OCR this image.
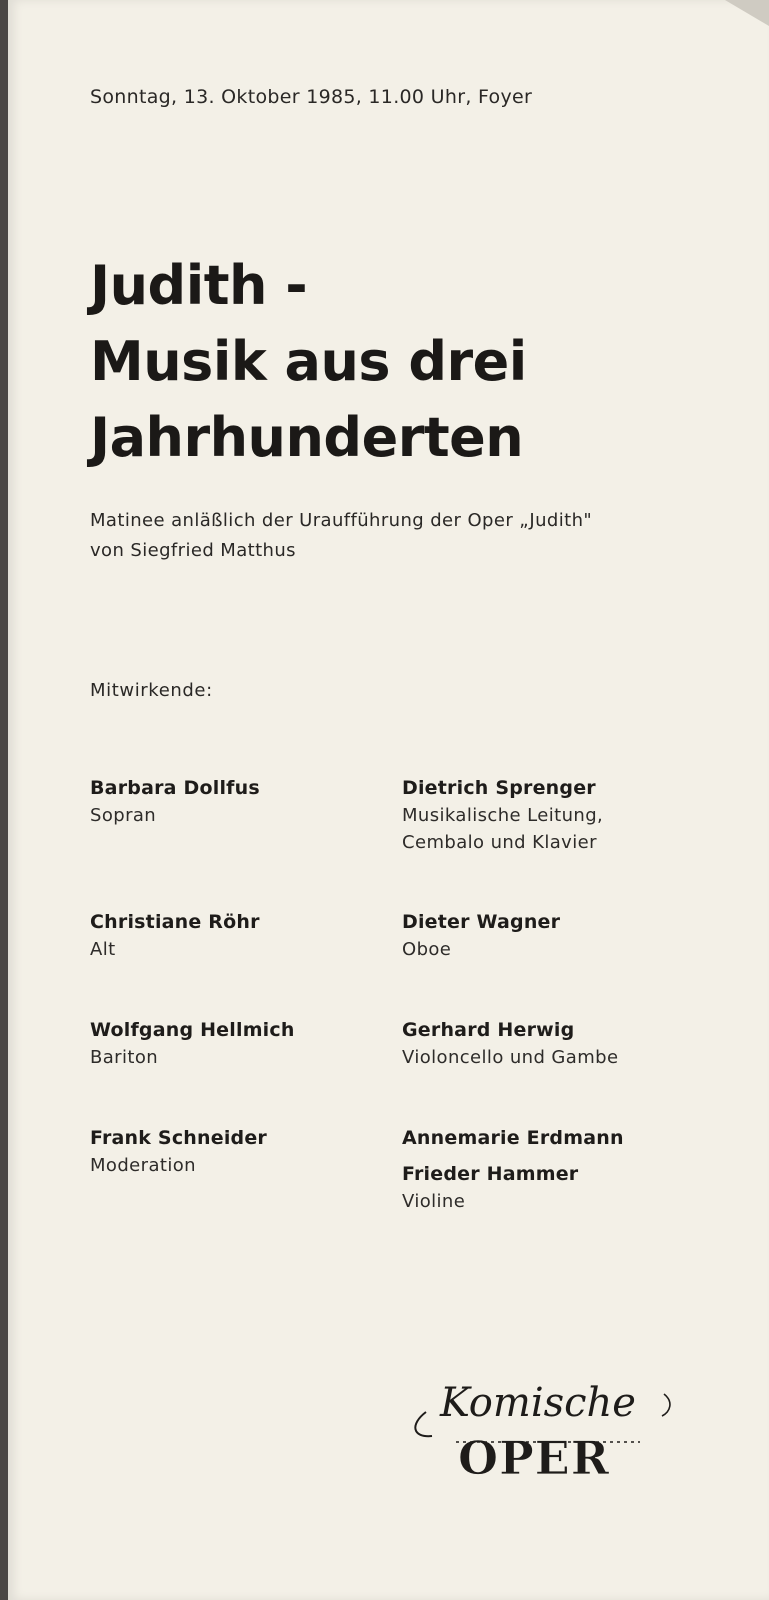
Sonntag, 13. Oktober 1985, 11.00 Uhr, Foyer
Judith -
Musik aus drei
Jahrhunderten
Matinee anläßlich der Uraufführung der Oper „Judith"
von Siegfried Matthus
Mitwirkende:
Barbara Dollfus
Sopran
Christiane Röhr
Alt
Wolfgang Hellmich
Bariton
Frank Schneider
Moderation
Dietrich Sprenger
Musikalische Leitung,
Cembalo und Klavier
Dieter Wagner
Oboe
Gerhard Herwig
Violoncello und Gambe
Annemarie Erdmann
Frieder Hammer
Violine
Komische
OPER
